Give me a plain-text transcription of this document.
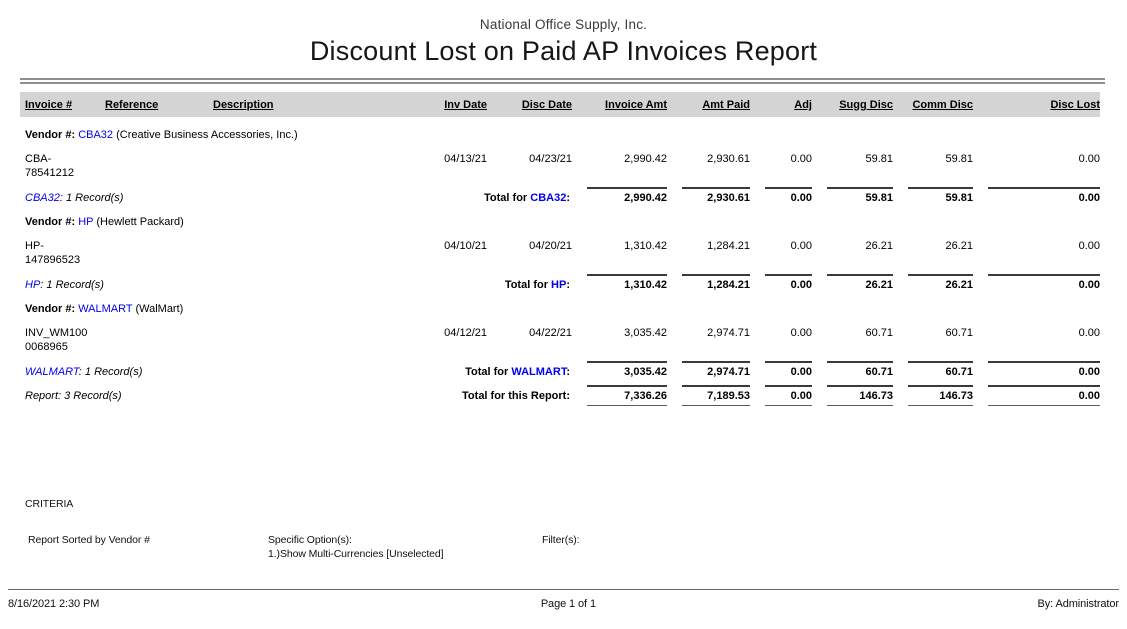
National Office Supply, Inc.
Discount Lost on Paid AP Invoices Report
Invoice #	Reference	Description	Inv Date	Disc Date	Invoice Amt	Amt Paid	Adj	Sugg Disc	Comm Disc	Disc Lost
Vendor #: CBA32 (Creative Business Accessories, Inc.)										
CBA-
78541212			04/13/21	04/23/21	2,990.42	2,930.61	0.00	59.81	59.81	0.00
CBA32: 1 Record(s)		Total for CBA32:			2,990.42	2,930.61	0.00	59.81	59.81	0.00

Vendor #: HP (Hewlett Packard)										
HP-
147896523			04/10/21	04/20/21	1,310.42	1,284.21	0.00	26.21	26.21	0.00
HP: 1 Record(s)		Total for HP:			1,310.42	1,284.21	0.00	26.21	26.21	0.00

Vendor #: WALMART (WalMart)										
INV_WM100
0068965			04/12/21	04/22/21	3,035.42	2,974.71	0.00	60.71	60.71	0.00
WALMART: 1 Record(s)		Total for WALMART:			3,035.42	2,974.71	0.00	60.71	60.71	0.00

Report: 3 Record(s)		Total for this Report:			7,336.26	7,189.53	0.00	146.73	146.73	0.00
CRITERIA
Report Sorted by Vendor #	Specific Option(s):
1.)Show Multi-Currencies [Unselected]
Filter(s):
8/16/2021 2:30 PM	Page 1 of 1	By: Administrator
